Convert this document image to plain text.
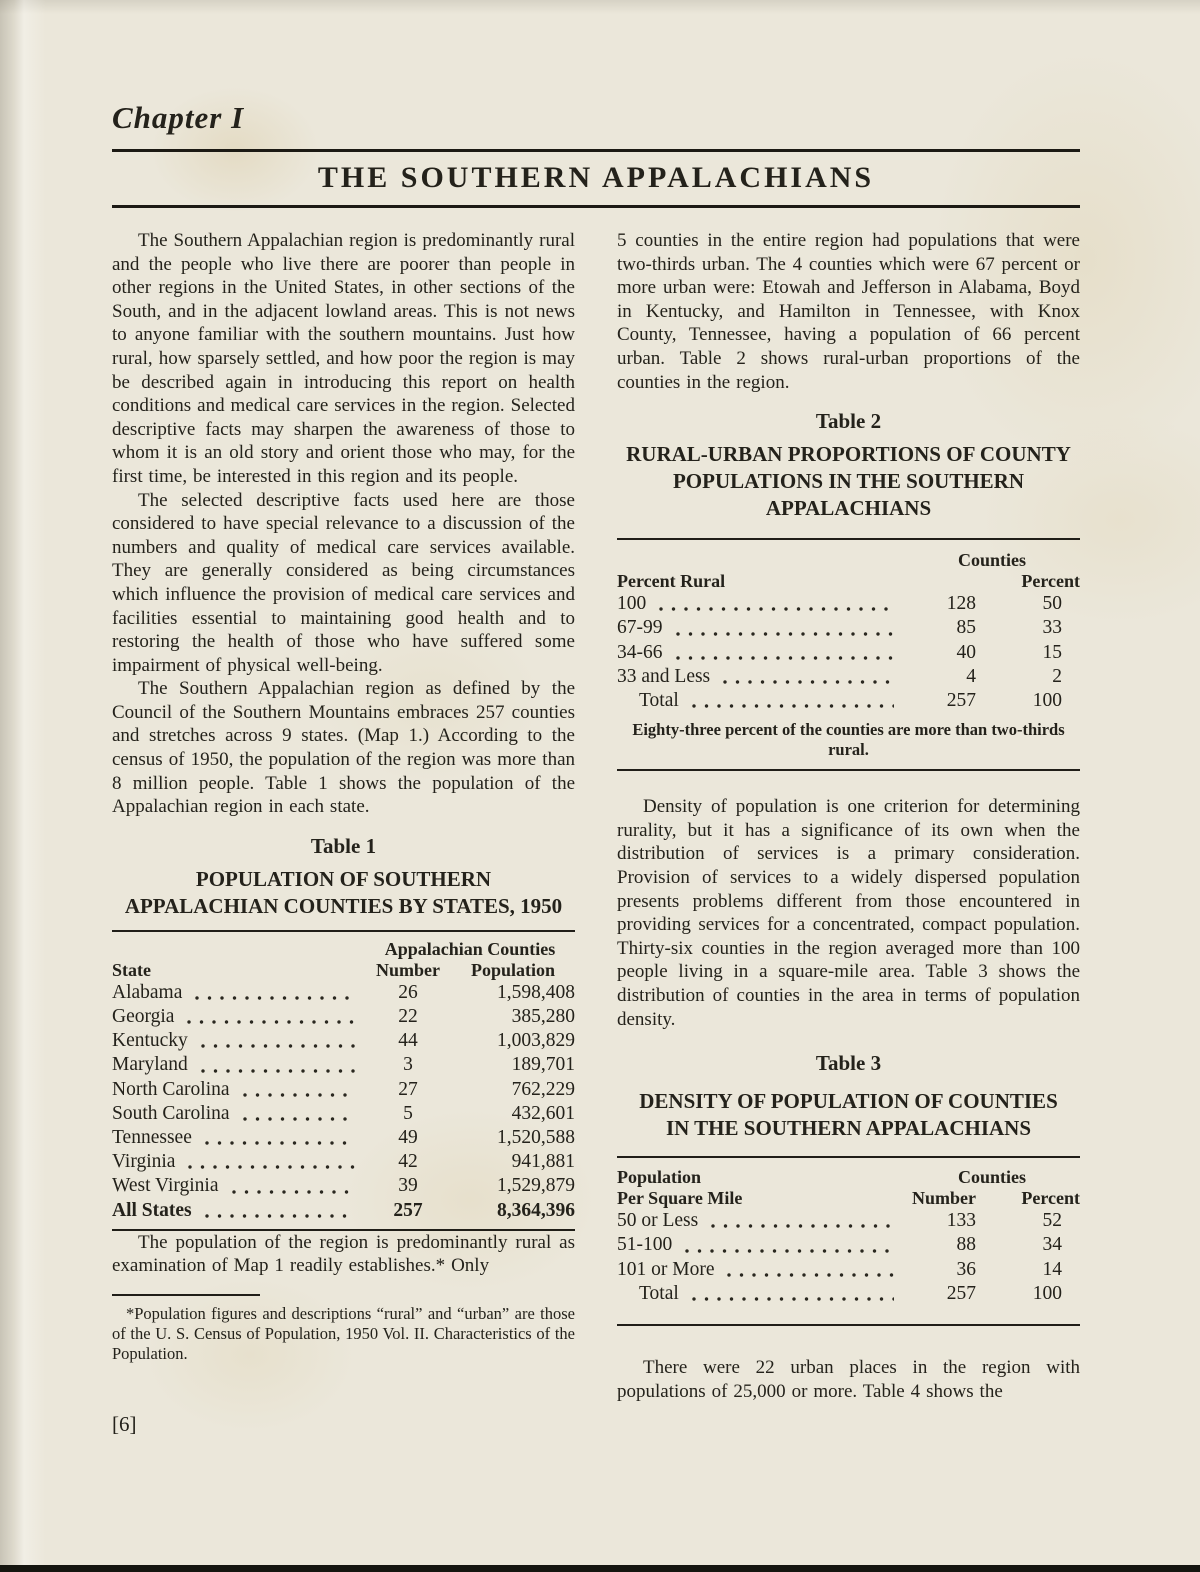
Chapter I
THE SOUTHERN APPALACHIANS

The Southern Appalachian region is predominantly rural and the people who live there are poorer than people in other regions in the United States, in other sections of the South, and in the adjacent lowland areas. This is not news to anyone familiar with the southern mountains. Just how rural, how sparsely settled, and how poor the region is may be described again in introducing this report on health conditions and medical care services in the region. Selected descriptive facts may sharpen the awareness of those to whom it is an old story and orient those who may, for the first time, be interested in this region and its people.

The selected descriptive facts used here are those considered to have special relevance to a discussion of the numbers and quality of medical care services available. They are generally considered as being circumstances which influence the provision of medical care services and facilities essential to maintaining good health and to restoring the health of those who have suffered some impairment of physical well-being.

The Southern Appalachian region as defined by the Council of the Southern Mountains embraces 257 counties and stretches across 9 states. (Map 1.) According to the census of 1950, the population of the region was more than 8 million people. Table 1 shows the population of the Appalachian region in each state.

Table 1
POPULATION OF SOUTHERN
APPALACHIAN COUNTIES BY STATES, 1950
Appalachian Counties
State	Number	Population
Alabama	26	1,598,408
Georgia	22	385,280
Kentucky	44	1,003,829
Maryland	3	189,701
North Carolina	27	762,229
South Carolina	5	432,601
Tennessee	49	1,520,588
Virginia	42	941,881
West Virginia	39	1,529,879
All States	257	8,364,396

The population of the region is predominantly rural as examination of Map 1 readily establishes.* Only

*Population figures and descriptions “rural” and “urban” are those of the U. S. Census of Population, 1950 Vol. II. Characteristics of the Population.

[6]

5 counties in the entire region had populations that were two-thirds urban. The 4 counties which were 67 percent or more urban were: Etowah and Jefferson in Alabama, Boyd in Kentucky, and Hamilton in Tennessee, with Knox County, Tennessee, having a population of 66 percent urban. Table 2 shows rural-urban proportions of the counties in the region.

Table 2
RURAL-URBAN PROPORTIONS OF COUNTY
POPULATIONS IN THE SOUTHERN
APPALACHIANS
Counties
Percent Rural	Percent
100	128	50
67-99	85	33
34-66	40	15
33 and Less	4	2
Total	257	100
Eighty-three percent of the counties are more than two-thirds rural.

Density of population is one criterion for determining rurality, but it has a significance of its own when the distribution of services is a primary consideration. Provision of services to a widely dispersed population presents problems different from those encountered in providing services for a concentrated, compact population. Thirty-six counties in the region averaged more than 100 people living in a square-mile area. Table 3 shows the distribution of counties in the area in terms of population density.

Table 3
DENSITY OF POPULATION OF COUNTIES
IN THE SOUTHERN APPALACHIANS
Population	Counties
Per Square Mile	Number	Percent
50 or Less	133	52
51-100	88	34
101 or More	36	14
Total	257	100

There were 22 urban places in the region with populations of 25,000 or more. Table 4 shows the
